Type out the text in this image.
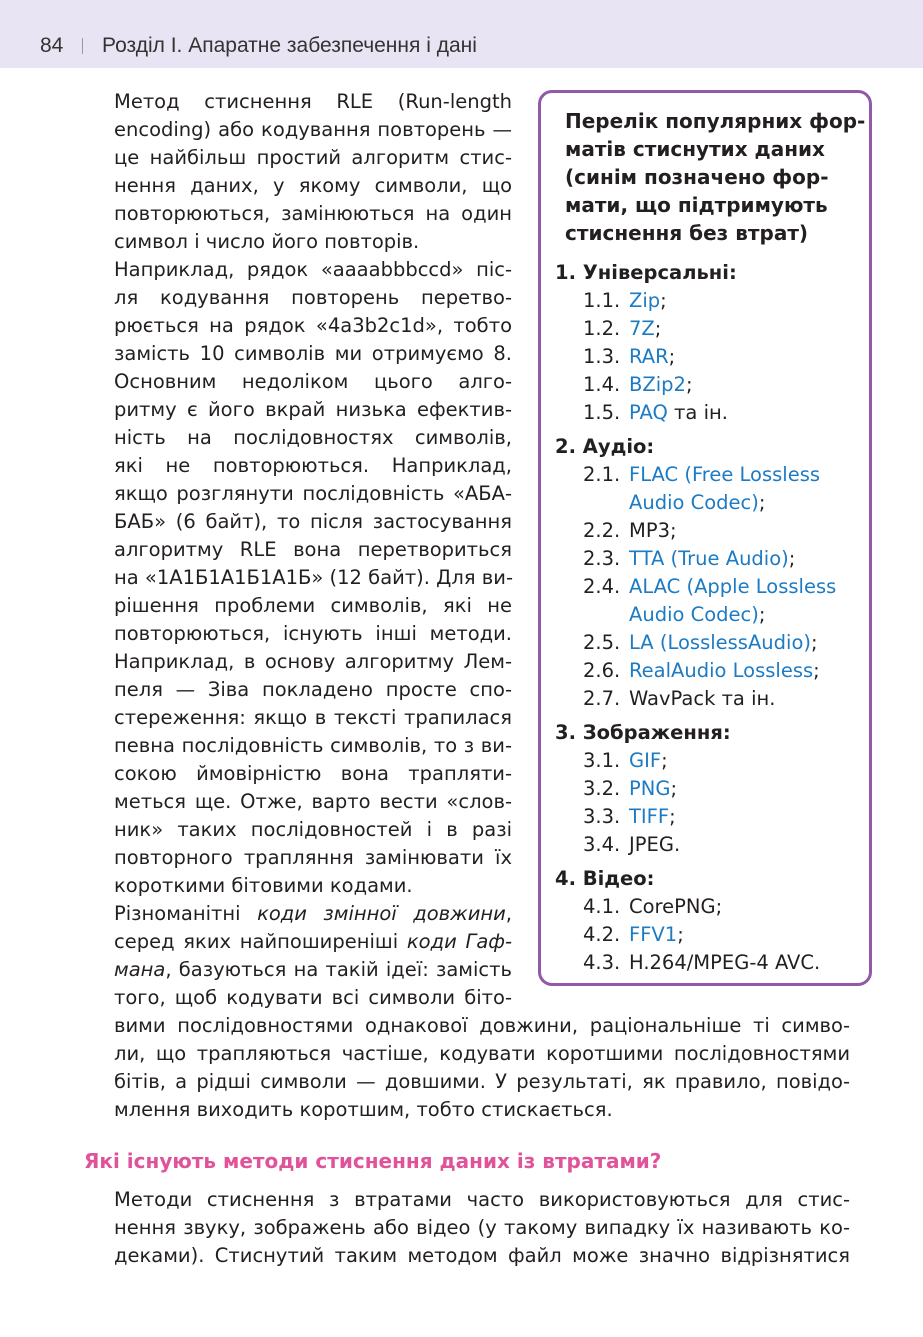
84 Розділ І. Апаратне забезпечення і дані
Метод стиснення RLE (Run-length
encoding) або кодування повторень —
це найбільш простий алгоритм стис-
нення даних, у якому символи, що
повторюються, замінюються на один
символ і число його повторів.
Наприклад, рядок «aaaabbbccd» піс-
ля кодування повторень перетво-
рюється на рядок «4a3b2c1d», тобто
замість 10 символів ми отримуємо 8.
Основним недоліком цього алго-
ритму є його вкрай низька ефектив-
ність на послідовностях символів,
які не повторюються. Наприклад,
якщо розглянути послідовність «АБА-
БАБ» (6 байт), то після застосування
алгоритму RLE вона перетвориться
на «1А1Б1А1Б1А1Б» (12 байт). Для ви-
рішення проблеми символів, які не
повторюються, існують інші методи.
Наприклад, в основу алгоритму Лем-
пеля — Зіва покладено просте спо-
стереження: якщо в тексті трапилася
певна послідовність символів, то з ви-
сокою ймовірністю вона трапляти-
меться ще. Отже, варто вести «слов-
ник» таких послідовностей і в разі
повторного трапляння замінювати їх
короткими бітовими кодами.
Різноманітні коди змінної довжини,
серед яких найпоширеніші коди Гаф-
мана, базуються на такій ідеї: замість
того, щоб кодувати всі символи біто-
вими послідовностями однакової довжини, раціональніше ті симво-
ли, що трапляються частіше, кодувати коротшими послідовностями
бітів, а рідші символи — довшими. У результаті, як правило, повідо-
млення виходить коротшим, тобто стискається.
Перелік популярних фор-
матів стиснутих даних
(синім позначено фор-
мати, що підтримують
стиснення без втрат)
1. Універсальні:
1.1. Zip;
1.2. 7Z;
1.3. RAR;
1.4. BZip2;
1.5. PAQ та ін.
2. Аудіо:
2.1. FLAC (Free Lossless
Audio Codec);
2.2. MP3;
2.3. TTA (True Audio);
2.4. ALAC (Apple Lossless
Audio Codec);
2.5. LA (LosslessAudio);
2.6. RealAudio Lossless;
2.7. WavPack та ін.
3. Зображення:
3.1. GIF;
3.2. PNG;
3.3. TIFF;
3.4. JPEG.
4. Відео:
4.1. CorePNG;
4.2. FFV1;
4.3. H.264/MPEG-4 AVC.
Які існують методи стиснення даних із втратами?
Методи стиснення з втратами часто використовуються для стис-
нення звуку, зображень або відео (у такому випадку їх називають ко-
деками). Стиснутий таким методом файл може значно відрізнятися
